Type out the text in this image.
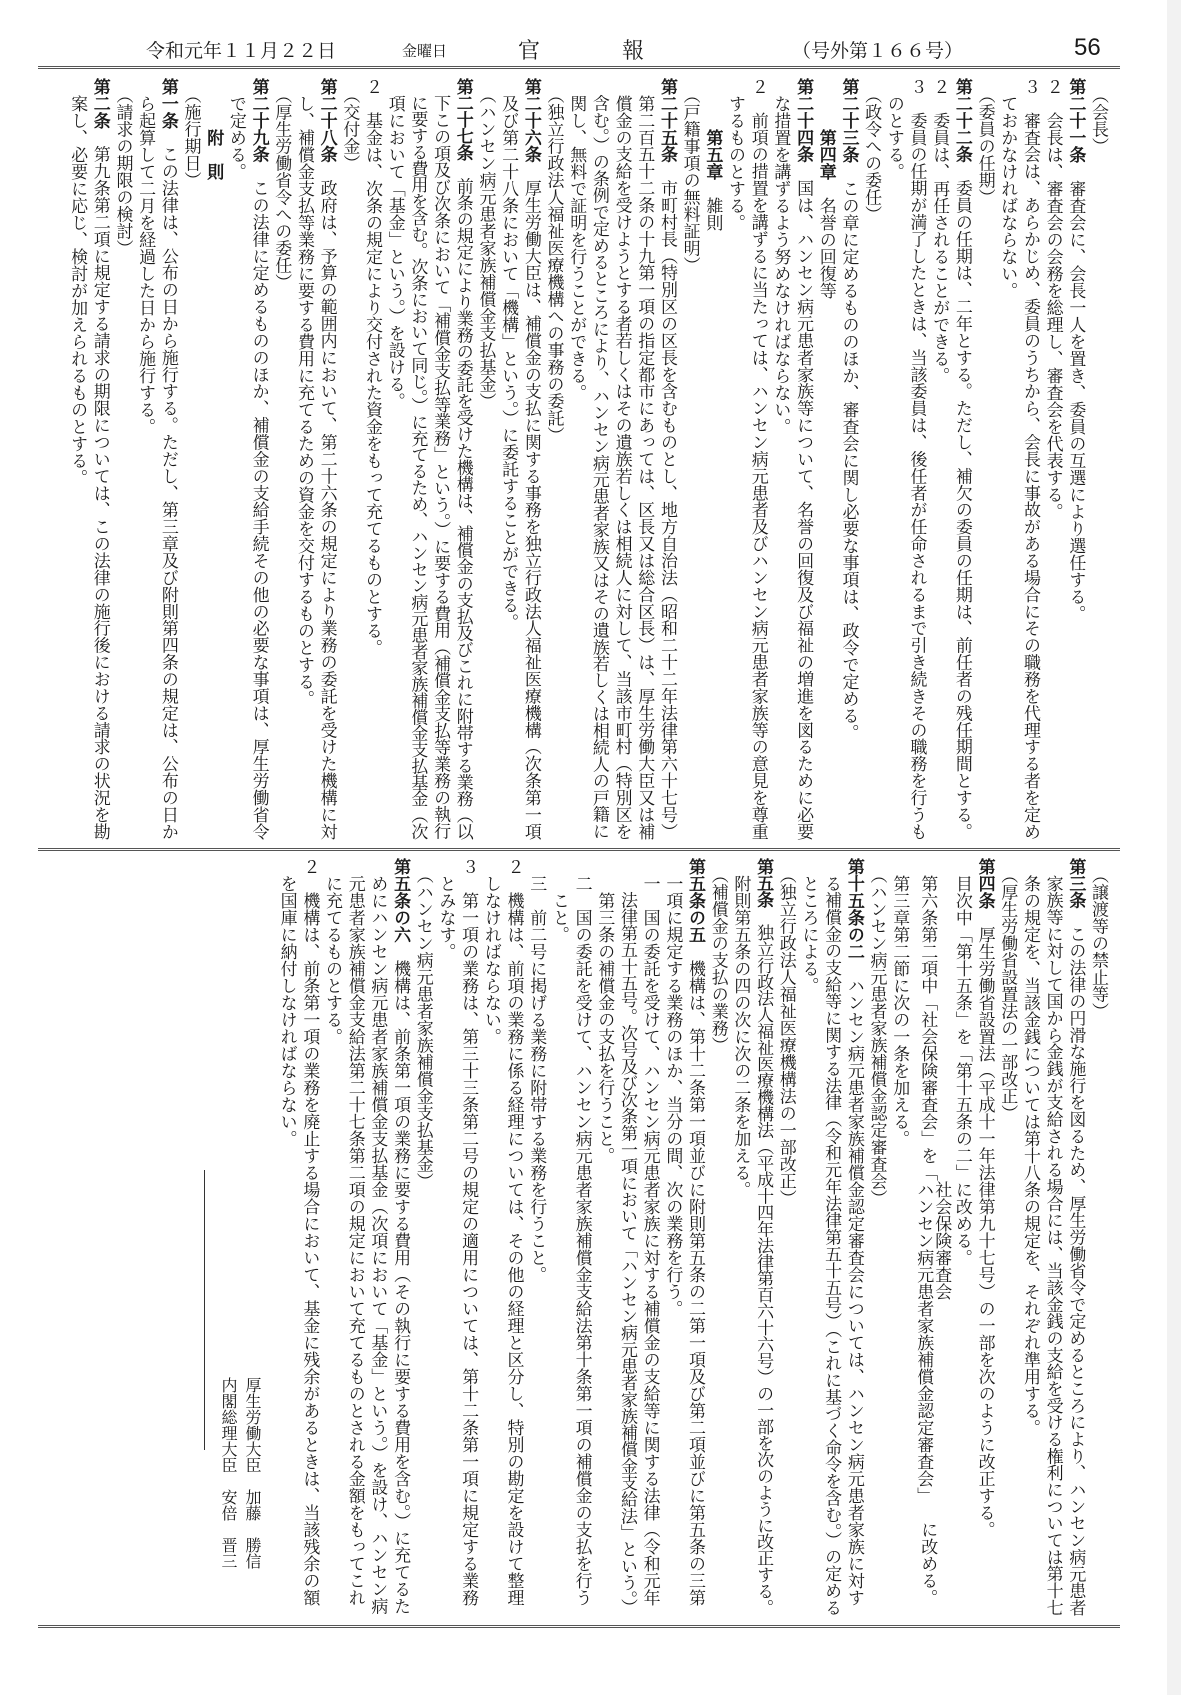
令和元年１１月２２日	金曜日	官	報	（号外第１６６号）	56
　（会長）
第二十一条　審査会に、会長一人を置き、委員の互選により選任する。
２　会長は、審査会の会務を総理し、審査会を代表する。
３　審査会は、あらかじめ、委員のうちから、会長に事故がある場合にその職務を代理する者を定め
　ておかなければならない。
　（委員の任期）
第二十二条　委員の任期は、二年とする。ただし、補欠の委員の任期は、前任者の残任期間とする。
２　委員は、再任されることができる。
３　委員の任期が満了したときは、当該委員は、後任者が任命されるまで引き続きその職務を行うも
　のとする。
　（政令への委任）
第二十三条　この章に定めるもののほか、審査会に関し必要な事項は、政令で定める。
　　　第四章　名誉の回復等
第二十四条　国は、ハンセン病元患者家族等について、名誉の回復及び福祉の増進を図るために必要
　な措置を講ずるよう努めなければならない。
２　前項の措置を講ずるに当たっては、ハンセン病元患者及びハンセン病元患者家族等の意見を尊重
　するものとする。
　　　第五章　雑則
　（戸籍事項の無料証明）
第二十五条　市町村長（特別区の区長を含むものとし、地方自治法（昭和二十二年法律第六十七号）
　第二百五十二条の十九第一項の指定都市にあっては、区長又は総合区長）は、厚生労働大臣又は補
　償金の支給を受けようとする者若しくはその遺族若しくは相続人に対して、当該市町村（特別区を
　含む。）の条例で定めるところにより、ハンセン病元患者家族又はその遺族若しくは相続人の戸籍に
　関し、無料で証明を行うことができる。
　（独立行政法人福祉医療機構への事務の委託）
第二十六条　厚生労働大臣は、補償金の支払に関する事務を独立行政法人福祉医療機構（次条第一項
　及び第二十八条において「機構」という。）に委託することができる。
　（ハンセン病元患者家族補償金支払基金）
第二十七条　前条の規定により業務の委託を受けた機構は、補償金の支払及びこれに附帯する業務（以
　下この項及び次条において「補償金支払等業務」という。）に要する費用（補償金支払等業務の執行
　に要する費用を含む。次条において同じ。）に充てるため、ハンセン病元患者家族補償金支払基金（次
　項において「基金」という。）を設ける。
２　基金は、次条の規定により交付された資金をもって充てるものとする。
　（交付金）
第二十八条　政府は、予算の範囲内において、第二十六条の規定により業務の委託を受けた機構に対
　し、補償金支払等業務に要する費用に充てるための資金を交付するものとする。
　（厚生労働省令への委任）
第二十九条　この法律に定めるもののほか、補償金の支給手続その他の必要な事項は、厚生労働省令
　で定める。
　　　附　則
　（施行期日）
第一条　この法律は、公布の日から施行する。ただし、第三章及び附則第四条の規定は、公布の日か
　ら起算して二月を経過した日から施行する。
　（請求の期限の検討）
第二条　第九条第二項に規定する請求の期限については、この法律の施行後における請求の状況を勘
　案し、必要に応じ、検討が加えられるものとする。
　（譲渡等の禁止等）
第三条　この法律の円滑な施行を図るため、厚生労働省令で定めるところにより、ハンセン病元患者
　家族等に対して国から金銭が支給される場合には、当該金銭の支給を受ける権利については第十七
　条の規定を、当該金銭については第十八条の規定を、それぞれ準用する。
　（厚生労働省設置法の一部改正）
第四条　厚生労働省設置法（平成十一年法律第九十七号）の一部を次のように改正する。
　目次中「第十五条」を「第十五条の二」に改める。
　第六条第二項中「社会保険審査会」を「
社会保険審査会
ハンセン病元患者家族補償金認定審査会」
　に改める。
　第三章第二節に次の一条を加える。
　（ハンセン病元患者家族補償金認定審査会）
第十五条の二　ハンセン病元患者家族補償金認定審査会については、ハンセン病元患者家族に対す
　る補償金の支給等に関する法律（令和元年法律第五十五号）（これに基づく命令を含む。）の定める
　ところによる。
　（独立行政法人福祉医療機構法の一部改正）
第五条　独立行政法人福祉医療機構法（平成十四年法律第百六十六号）の一部を次のように改正する。
　附則第五条の四の次に次の二条を加える。
　（補償金の支払の業務）
第五条の五　機構は、第十二条第一項並びに附則第五条の二第一項及び第二項並びに第五条の三第
　一項に規定する業務のほか、当分の間、次の業務を行う。
　一　国の委託を受けて、ハンセン病元患者家族に対する補償金の支給等に関する法律（令和元年
　　法律第五十五号。次号及び次条第一項において「ハンセン病元患者家族補償金支給法」という。）
　　第三条の補償金の支払を行うこと。
　二　国の委託を受けて、ハンセン病元患者家族補償金支給法第十条第一項の補償金の支払を行う
　　こと。
　三　前二号に掲げる業務に附帯する業務を行うこと。
２　機構は、前項の業務に係る経理については、その他の経理と区分し、特別の勘定を設けて整理
　しなければならない。
３　第一項の業務は、第三十三条第二号の規定の適用については、第十二条第一項に規定する業務
　とみなす。
　（ハンセン病元患者家族補償金支払基金）
第五条の六　機構は、前条第一項の業務に要する費用（その執行に要する費用を含む。）に充てるた
　めにハンセン病元患者家族補償金支払基金（次項において「基金」という。）を設け、ハンセン病
　元患者家族補償金支給法第二十七条第二項の規定において充てるものとされる金額をもってこれ
　に充てるものとする。
２　機構は、前条第一項の業務を廃止する場合において、基金に残余があるときは、当該残余の額
　を国庫に納付しなければならない。
厚生労働大臣　加藤　勝信
内閣総理大臣　安倍　晋三
